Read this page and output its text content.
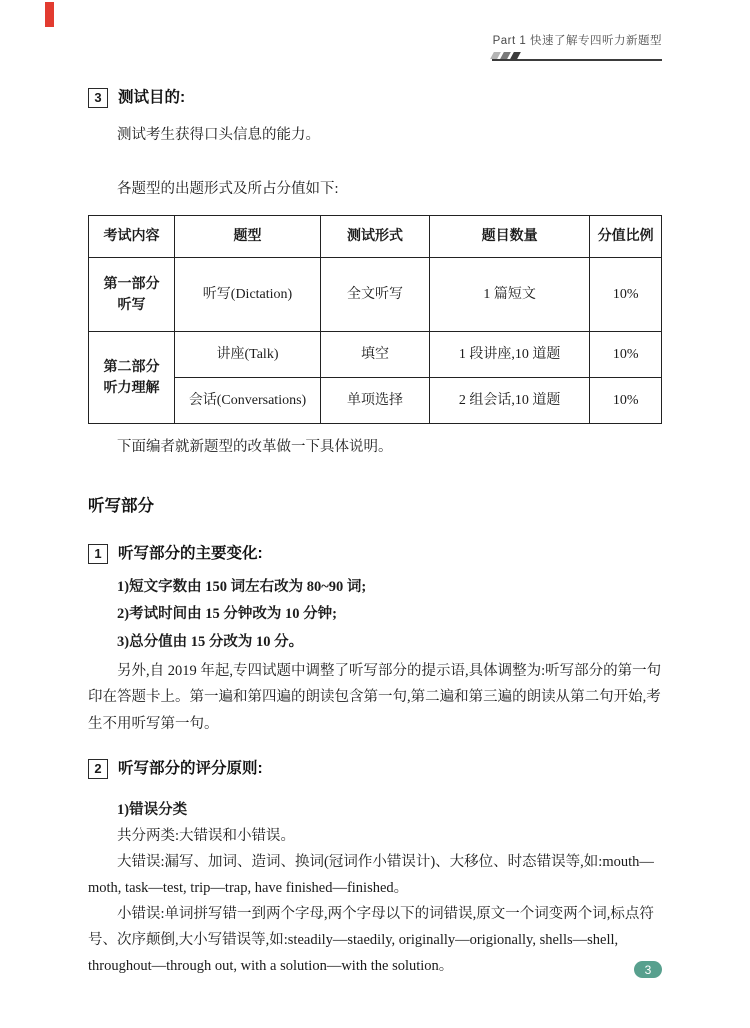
Part 1 快速了解专四听力新题型
3	测试目的:

测试考生获得口头信息的能力。

各题型的出题形式及所占分值如下:

考试内容	题型	测试形式	题目数量	分值比例

第一部分
听写	听写(Dictation)	全文听写	1 篇短文	10%

第二部分
听力理解	讲座(Talk)	填空	1 段讲座,10 道题	10%
	会话(Conversations)	单项选择	2 组会话,10 道题	10%

下面编者就新题型的改革做一下具体说明。

听写部分
1	听写部分的主要变化:
1)短文字数由 150 词左右改为 80~90 词;
2)考试时间由 15 分钟改为 10 分钟;
3)总分值由 15 分改为 10 分。

另外,自 2019 年起,专四试题中调整了听写部分的提示语,具体调整为:听写部分的第一句印在答题卡上。第一遍和第四遍的朗读包含第一句,第二遍和第三遍的朗读从第二句开始,考生不用听写第一句。

2	听写部分的评分原则:
1)错误分类

共分两类:大错误和小错误。

大错误:漏写、加词、造词、换词(冠词作小错误计)、大移位、时态错误等,如:mouth—moth, task—test, trip—trap, have finished—finished。

小错误:单词拼写错一到两个字母,两个字母以下的词错误,原文一个词变两个词,标点符号、次序颠倒,大小写错误等,如:steadily—staedily, originally—origionally, shells—shell, throughout—through out, with a solution—with the solution。	3
